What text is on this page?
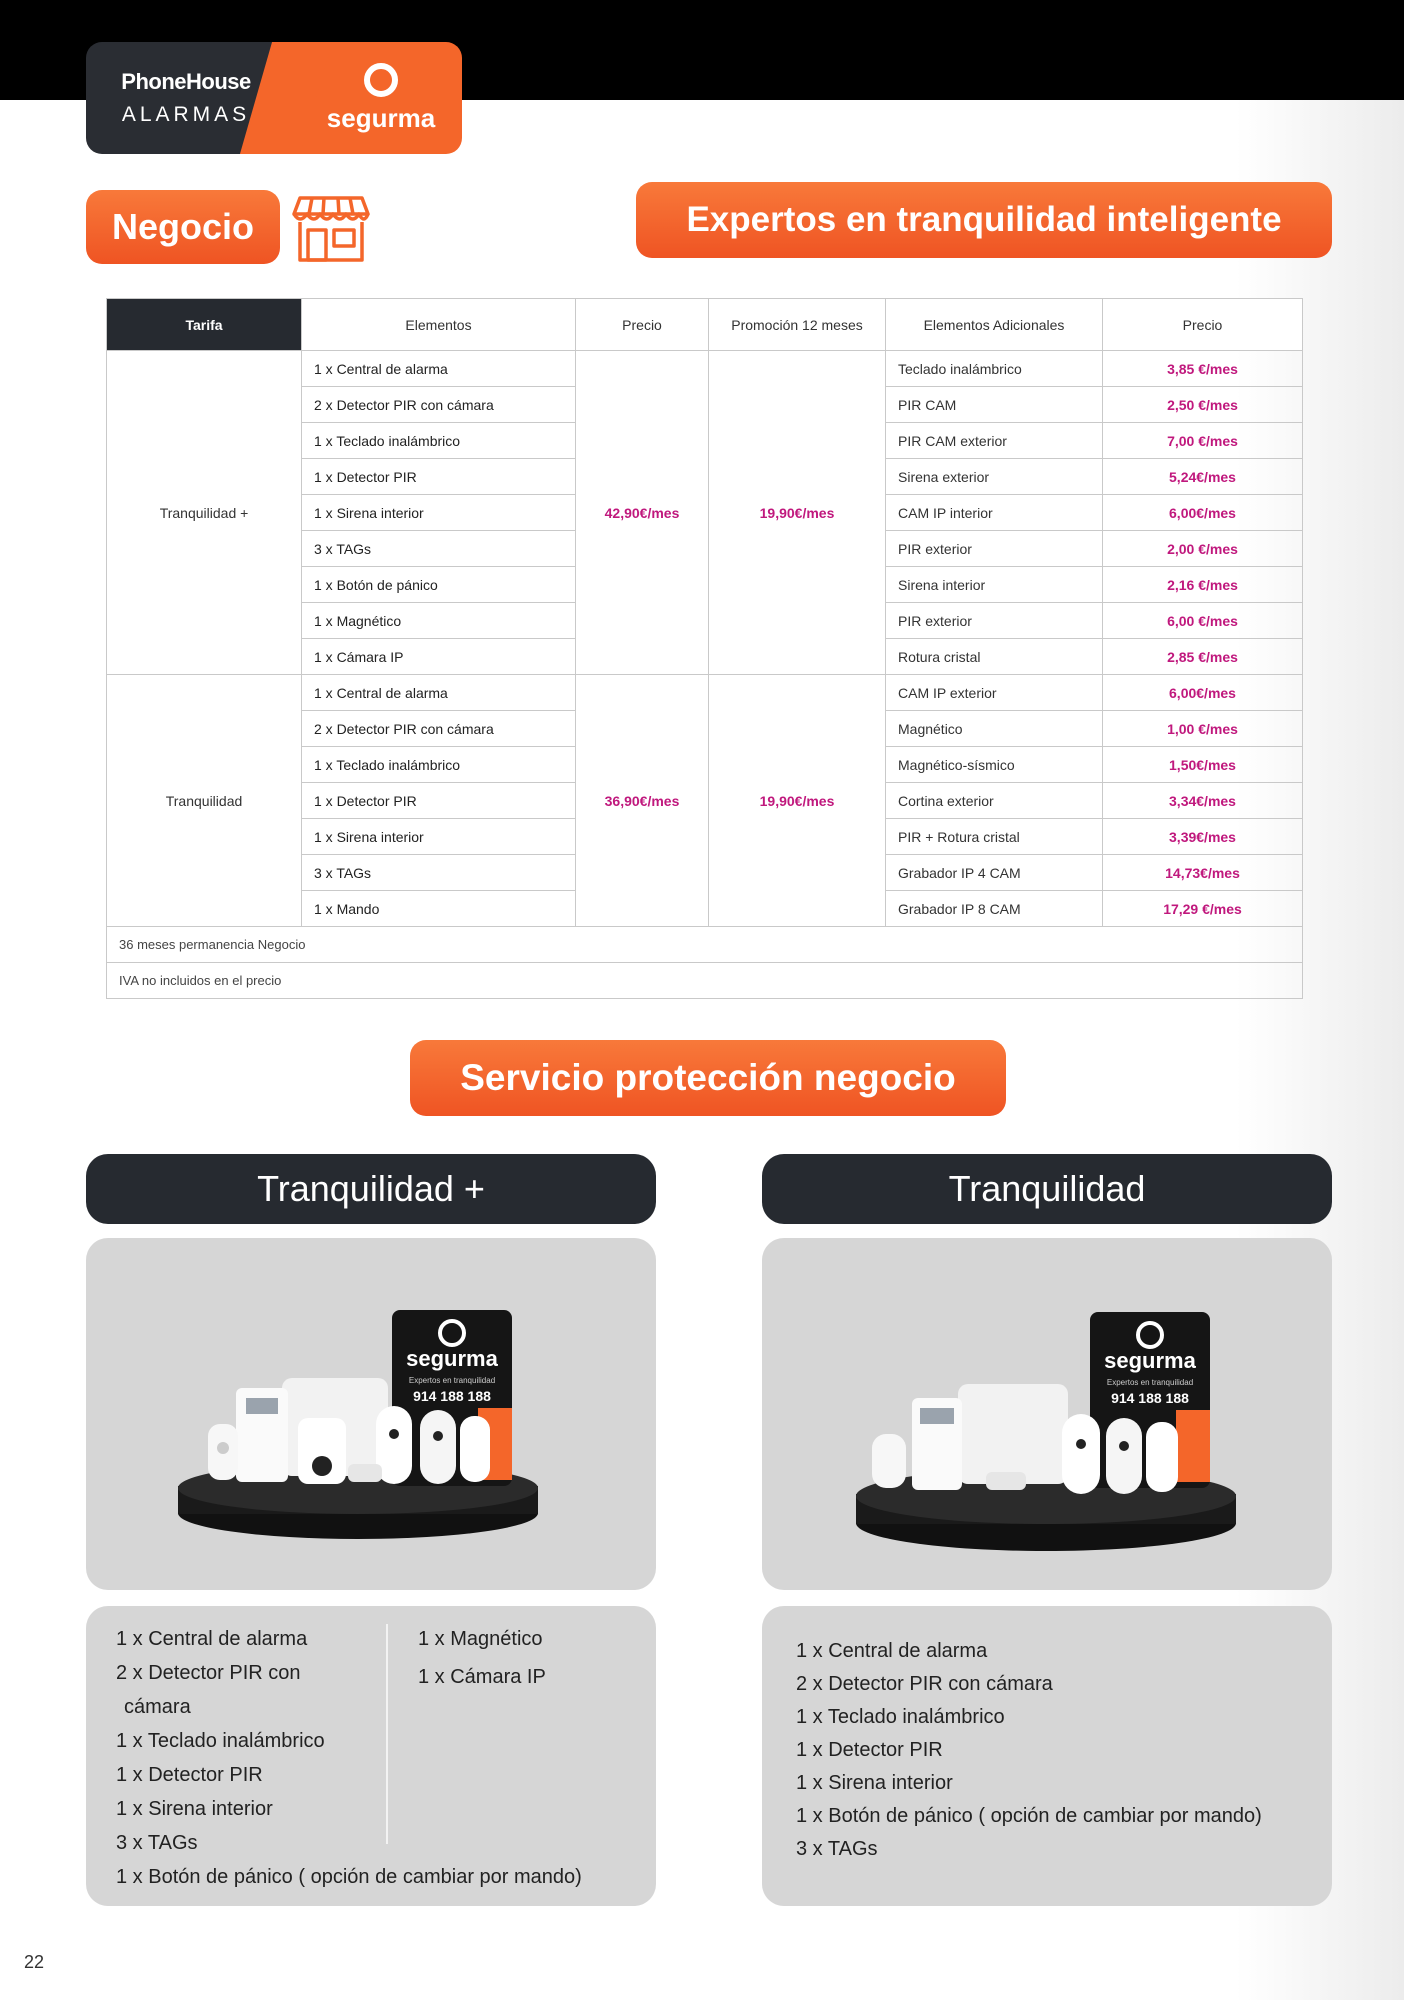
PhoneHouse
ALARMAS	segurma
Negocio	Expertos en tranquilidad inteligente
Tarifa	Elementos	Precio	Promoción 12 meses	Elementos Adicionales	Precio
Tranquilidad +	1 x Central de alarma	42,90€/mes	19,90€/mes	Teclado inalámbrico	3,85 €/mes
	2 x Detector PIR con cámara			PIR CAM	2,50 €/mes
	1 x Teclado inalámbrico			PIR CAM exterior	7,00 €/mes
	1 x Detector PIR			Sirena exterior	5,24€/mes
	1 x Sirena interior			CAM IP interior	6,00€/mes
	3 x TAGs			PIR exterior	2,00 €/mes
	1 x Botón de pánico			Sirena interior	2,16 €/mes
	1 x Magnético			PIR exterior	6,00 €/mes
	1 x Cámara IP			Rotura cristal	2,85 €/mes
Tranquilidad	1 x Central de alarma	36,90€/mes	19,90€/mes	CAM IP exterior	6,00€/mes
	2 x Detector PIR con cámara			Magnético	1,00 €/mes
	1 x Teclado inalámbrico			Magnético-sísmico	1,50€/mes
	1 x Detector PIR			Cortina exterior	3,34€/mes
	1 x Sirena interior			PIR + Rotura cristal	3,39€/mes
	3 x TAGs			Grabador IP 4 CAM	14,73€/mes
	1 x Mando			Grabador IP 8 CAM	17,29 €/mes
36 meses permanencia Negocio					
IVA no incluidos en el precio					
Servicio protección negocio
Tranquilidad +	Tranquilidad
segurma
Expertos en tranquilidad
914 188 188
segurma
Expertos en tranquilidad
914 188 188
1 x Central de alarma
2 x Detector PIR con
cámara
1 x Teclado inalámbrico
1 x Detector PIR
1 x Sirena interior
3 x TAGs
1 x Magnético
1 x Cámara IP
1 x Botón de pánico ( opción de cambiar por mando)
1 x Central de alarma
2 x Detector PIR con cámara
1 x Teclado inalámbrico
1 x Detector PIR
1 x Sirena interior
1 x Botón de pánico ( opción de cambiar por mando)
3 x TAGs
22
